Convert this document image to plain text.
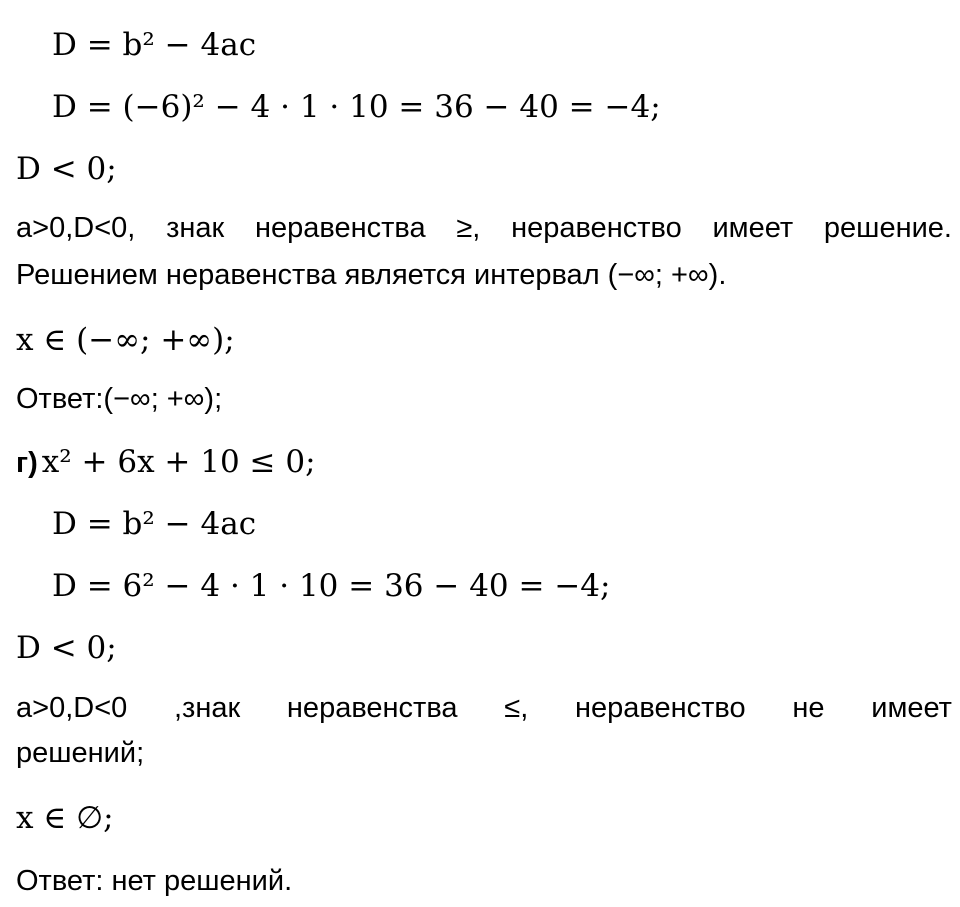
D = b² − 4ac
D = (−6)² − 4 · 1 · 10 = 36 − 40 = −4;
D < 0;
a>0,D<0, знак неравенства ≥, неравенство имеет решение.
Решением неравенства является интервал (−∞; +∞).
x ∈ (−∞; +∞);
Ответ:(−∞; +∞);
г) x² + 6x + 10 ≤ 0;
D = b² − 4ac
D = 6² − 4 · 1 · 10 = 36 − 40 = −4;
D < 0;
a>0,D<0 ,знак неравенства ≤, неравенство не имеет
решений;
x ∈ ∅;
Ответ: нет решений.
